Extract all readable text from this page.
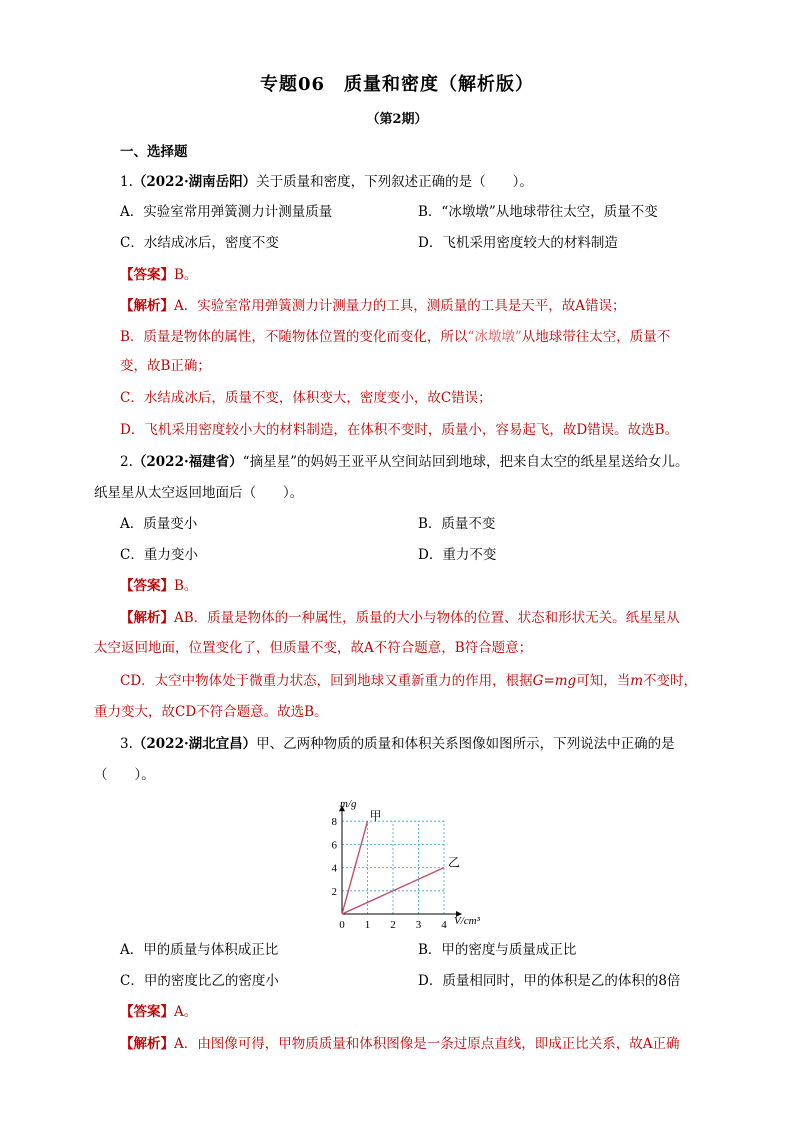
专题06　质量和密度（解析版）
（第2期）
一、选择题
1.（2022·湖南岳阳）关于质量和密度，下列叙述正确的是（　　）。
A．实验室常用弹簧测力计测量质量	B．“冰墩墩”从地球带往太空，质量不变
C．水结成冰后，密度不变	D．飞机采用密度较大的材料制造
【答案】B。
【解析】A．实验室常用弹簧测力计测量力的工具，测质量的工具是天平，故A错误；
B．质量是物体的属性，不随物体位置的变化而变化，所以“冰墩墩”从地球带往太空，质量不
变，故B正确；
C．水结成冰后，质量不变，体积变大，密度变小，故C错误；
D．飞机采用密度较小大的材料制造，在体积不变时，质量小，容易起飞，故D错误。故选B。
2.（2022·福建省）“摘星星”的妈妈王亚平从空间站回到地球，把来自太空的纸星星送给女儿。
纸星星从太空返回地面后（　　）。
A．质量变小	B．质量不变
C．重力变小	D．重力不变
【答案】B。
【解析】AB．质量是物体的一种属性，质量的大小与物体的位置、状态和形状无关。纸星星从
太空返回地面，位置变化了，但质量不变，故A不符合题意，B符合题意；
CD．太空中物体处于微重力状态，回到地球又重新重力的作用，根据G=mg可知，当m不变时，
重力变大，故CD不符合题意。故选B。
3.（2022·湖北宜昌）甲、乙两种物质的质量和体积关系图像如图所示，下列说法中正确的是
（　　）。
0 1 2 3 4
2
4
6
8
m/g
V/cm³
甲
乙
A．甲的质量与体积成正比	B．甲的密度与质量成正比
C．甲的密度比乙的密度小	D．质量相同时，甲的体积是乙的体积的8倍
【答案】A。
【解析】A．由图像可得，甲物质质量和体积图像是一条过原点直线，即成正比关系，故A正确
